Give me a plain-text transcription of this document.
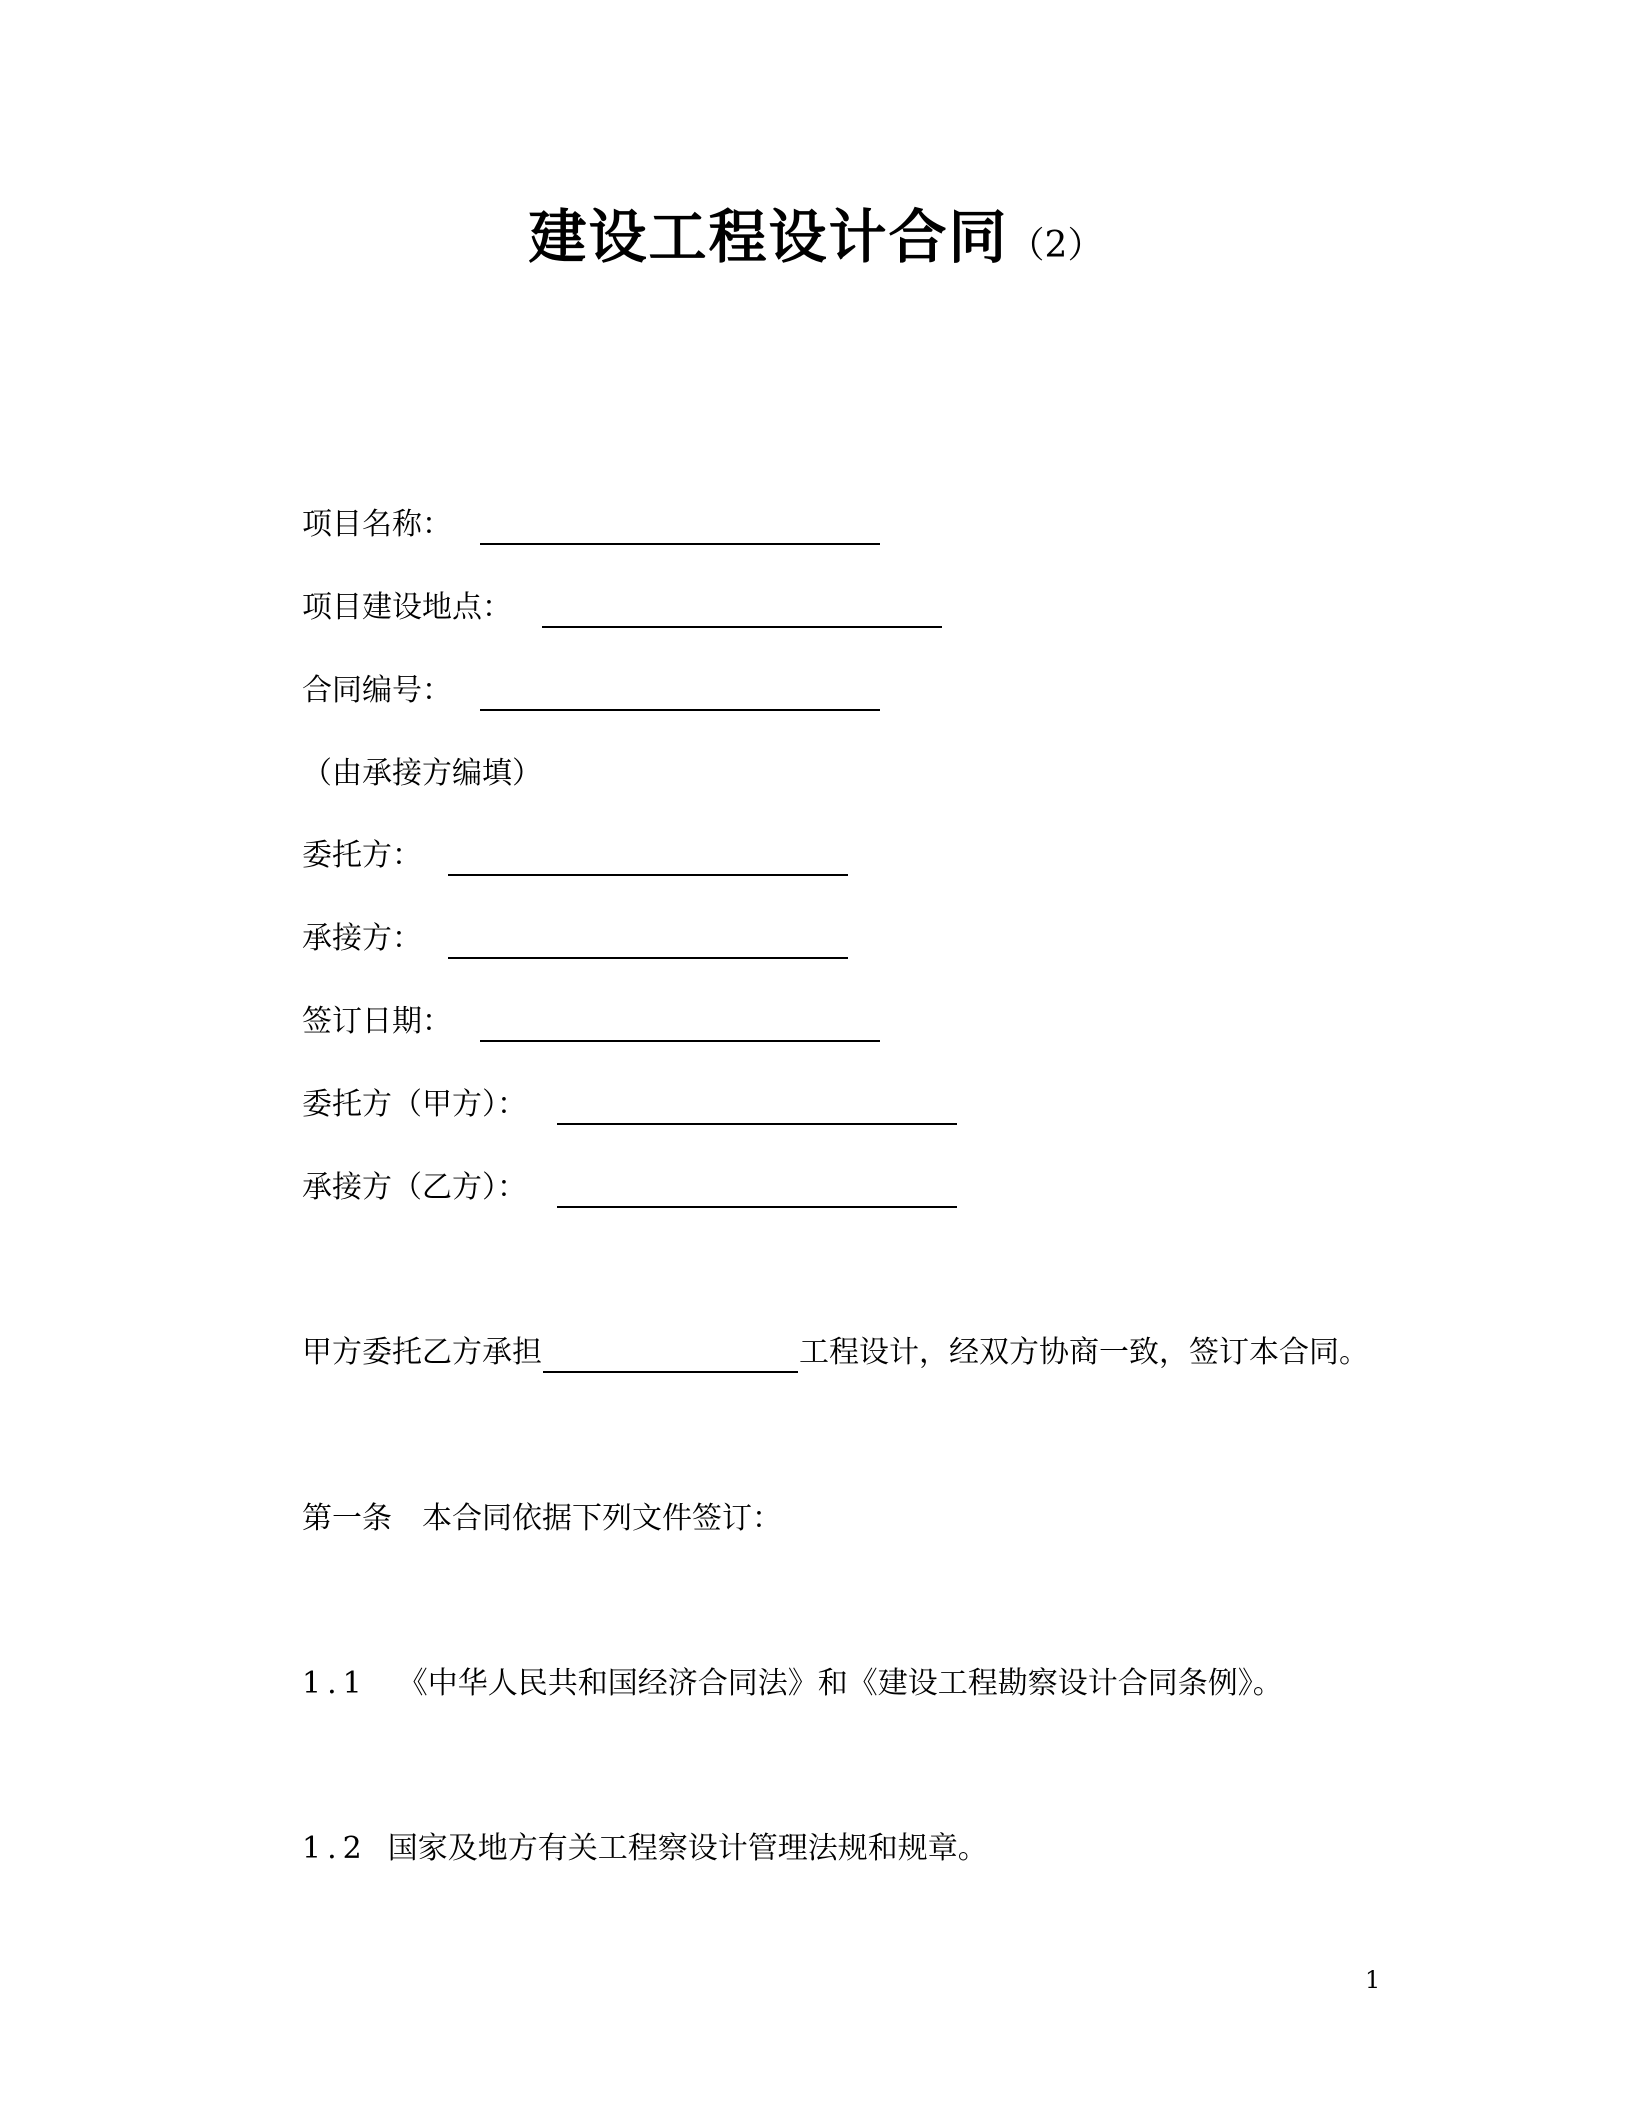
建设工程设计合同（2）
项目名称：
项目建设地点：
合同编号：
（由承接方编填）
委托方：
承接方：
签订日期：
委托方（甲方）：
承接方（乙方）：
甲方委托乙方承担	工程设计，经双方协商一致，签订本合同。
第一条　本合同依据下列文件签订：
1.1 《中华人民共和国经济合同法》和《建设工程勘察设计合同条例》。
1.2 国家及地方有关工程察设计管理法规和规章。
1
